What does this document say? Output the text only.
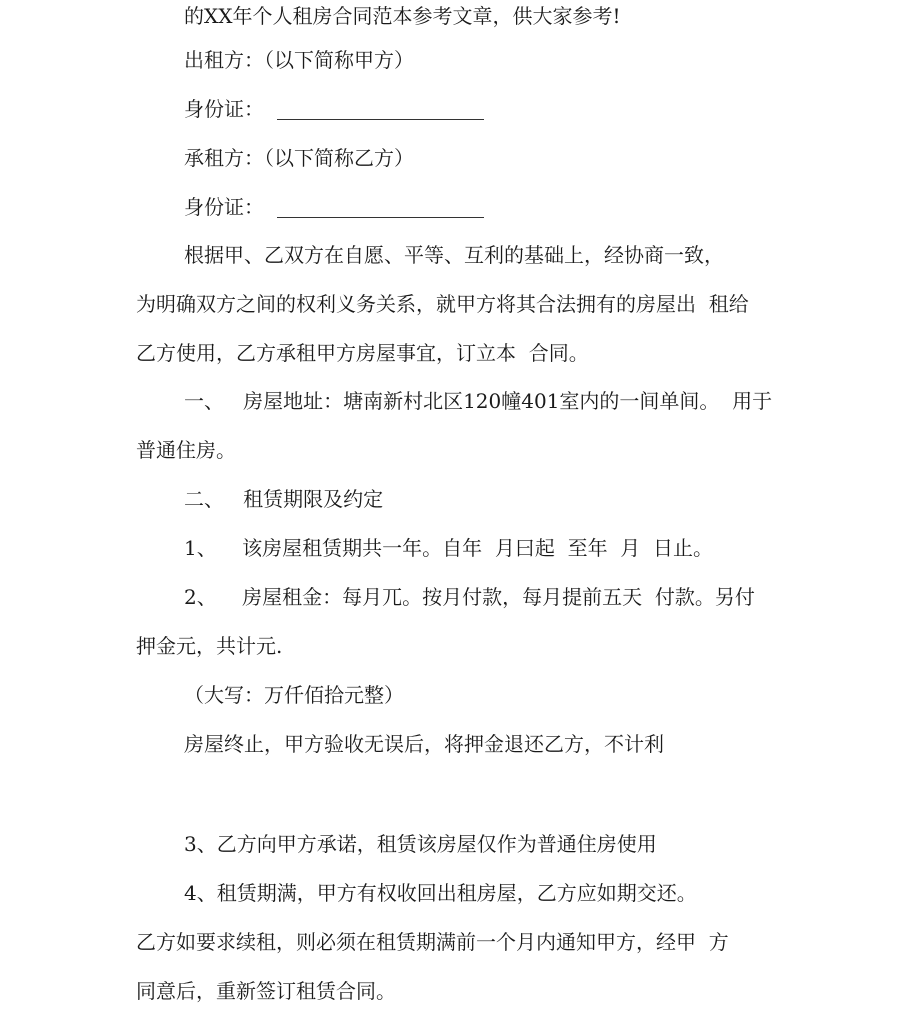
的XX年个人租房合同范本参考文章，供大家参考!
出租方：（以下简称甲方）
身份证：
承租方：（以下简称乙方）
身份证：
根据甲、乙双方在自愿、平等、互利的基础上，经协商一致，
为明确双方之间的权利义务关系，就甲方将其合法拥有的房屋出  租给
乙方使用，乙方承租甲方房屋事宜，订立本  合同。
一、   房屋地址：塘南新村北区120幢401室内的一间单间。  用于
普通住房。
二、   租赁期限及约定
1、    该房屋租赁期共一年。自年  月曰起  至年  月  日止。
2、    房屋租金：每月兀。按月付款，每月提前五天  付款。另付
押金元，共计元.
（大写：万仟佰拾元整）
房屋终止，甲方验收无误后，将押金退还乙方，不计利
3、乙方向甲方承诺，租赁该房屋仅作为普通住房使用
4、租赁期满，甲方有权收回出租房屋，乙方应如期交还。
乙方如要求续租，则必须在租赁期满前一个月内通知甲方，经甲  方
同意后，重新签订租赁合同。
